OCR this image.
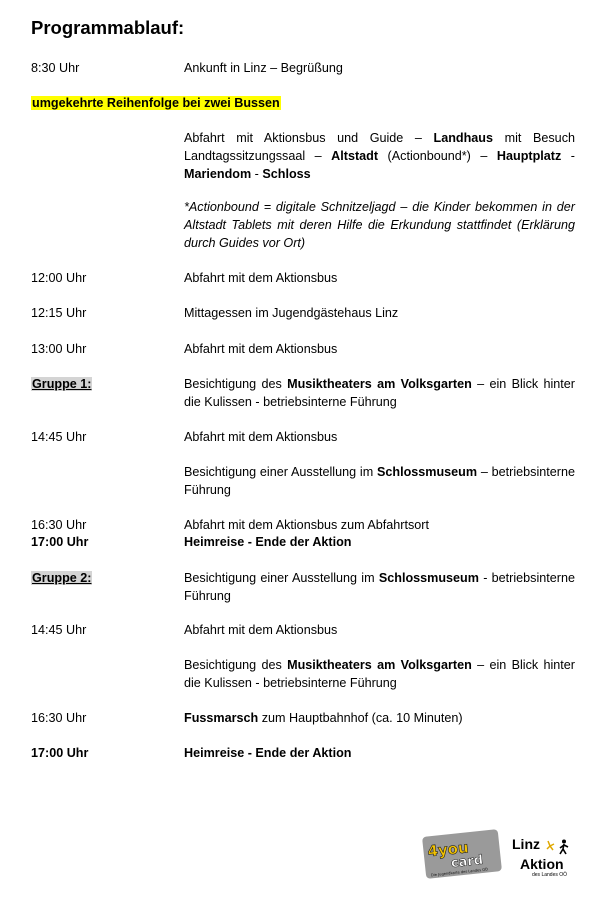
Programmablauf:
8:30 Uhr	Ankunft in Linz – Begrüßung
umgekehrte Reihenfolge bei zwei Bussen
Abfahrt mit Aktionsbus und Guide – Landhaus mit Besuch Landtagssitzungssaal – Altstadt (Actionbound*) – Hauptplatz - Mariendom - Schloss
*Actionbound = digitale Schnitzeljagd – die Kinder bekommen in der Altstadt Tablets mit deren Hilfe die Erkundung stattfindet (Erklärung durch Guides vor Ort)
12:00 Uhr	Abfahrt mit dem Aktionsbus
12:15 Uhr	Mittagessen im Jugendgästehaus Linz
13:00 Uhr	Abfahrt mit dem Aktionsbus
Gruppe 1:	Besichtigung des Musiktheaters am Volksgarten – ein Blick hinter die Kulissen - betriebsinterne Führung
14:45 Uhr	Abfahrt mit dem Aktionsbus
Besichtigung einer Ausstellung im Schlossmuseum – betriebsinterne Führung
16:30 Uhr	Abfahrt mit dem Aktionsbus zum Abfahrtsort
17:00 Uhr	Heimreise - Ende der Aktion
Gruppe 2:	Besichtigung einer Ausstellung im Schlossmuseum - betriebsinterne Führung
14:45 Uhr	Abfahrt mit dem Aktionsbus
Besichtigung des Musiktheaters am Volksgarten – ein Blick hinter die Kulissen - betriebsinterne Führung
16:30 Uhr	Fussmarsch zum Hauptbahnhof (ca. 10 Minuten)
17:00 Uhr	Heimreise - Ende der Aktion
4you
card
Die Jugendkarte des Landes OÖ
Linz
Aktion
des Landes OÖ
